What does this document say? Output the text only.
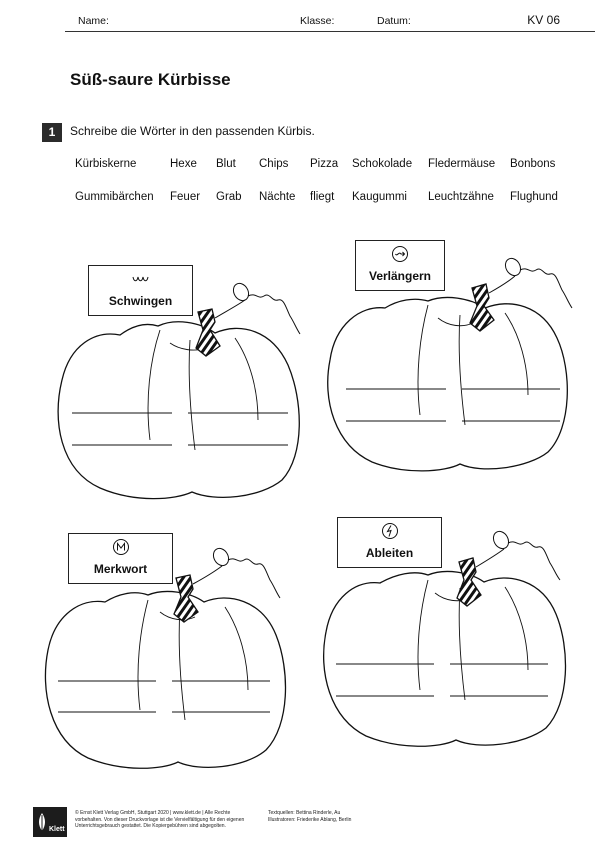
Name:	Klasse:	Datum:	KV 06
Süß-saure Kürbisse
1	Schreibe die Wörter in den passenden Kürbis.
Kürbiskerne	Hexe Blut Chips Pizza Schokolade Fledermäuse Bonbons
Gummibärchen Feuer Grab Nächte fliegt Kaugummi Leuchtzähne Flughund
Schwingen
Verlängern
Merkwort
Ableiten
Klett
© Ernst Klett Verlag GmbH, Stuttgart 2020 | www.klett.de | Alle Rechte
vorbehalten. Von dieser Druckvorlage ist die Vervielfältigung für den eigenen
Unterrichtsgebrauch gestattet. Die Kopiergebühren sind abgegolten.
Textquellen: Bettina Rinderle, Au
Illustratoren: Friederike Ablang, Berlin
